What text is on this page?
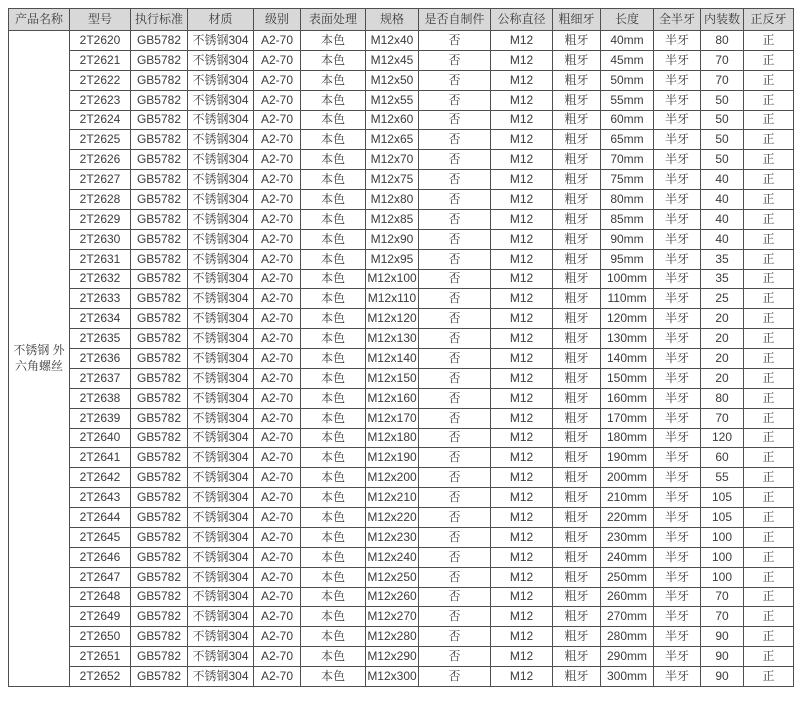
产品名称	型号	执行标准	材质	级别	表面处理	规格	是否自制件	公称直径	粗细牙	长度	全半牙	内装数	正反牙
不锈钢 外六角螺丝	2T2620	GB5782	不锈钢304	A2-70	本色	M12x40	否	M12	粗牙	40mm	半牙	80	正
	2T2621	GB5782	不锈钢304	A2-70	本色	M12x45	否	M12	粗牙	45mm	半牙	70	正
	2T2622	GB5782	不锈钢304	A2-70	本色	M12x50	否	M12	粗牙	50mm	半牙	70	正
	2T2623	GB5782	不锈钢304	A2-70	本色	M12x55	否	M12	粗牙	55mm	半牙	50	正
	2T2624	GB5782	不锈钢304	A2-70	本色	M12x60	否	M12	粗牙	60mm	半牙	50	正
	2T2625	GB5782	不锈钢304	A2-70	本色	M12x65	否	M12	粗牙	65mm	半牙	50	正
	2T2626	GB5782	不锈钢304	A2-70	本色	M12x70	否	M12	粗牙	70mm	半牙	50	正
	2T2627	GB5782	不锈钢304	A2-70	本色	M12x75	否	M12	粗牙	75mm	半牙	40	正
	2T2628	GB5782	不锈钢304	A2-70	本色	M12x80	否	M12	粗牙	80mm	半牙	40	正
	2T2629	GB5782	不锈钢304	A2-70	本色	M12x85	否	M12	粗牙	85mm	半牙	40	正
	2T2630	GB5782	不锈钢304	A2-70	本色	M12x90	否	M12	粗牙	90mm	半牙	40	正
	2T2631	GB5782	不锈钢304	A2-70	本色	M12x95	否	M12	粗牙	95mm	半牙	35	正
	2T2632	GB5782	不锈钢304	A2-70	本色	M12x100	否	M12	粗牙	100mm	半牙	35	正
	2T2633	GB5782	不锈钢304	A2-70	本色	M12x110	否	M12	粗牙	110mm	半牙	25	正
	2T2634	GB5782	不锈钢304	A2-70	本色	M12x120	否	M12	粗牙	120mm	半牙	20	正
	2T2635	GB5782	不锈钢304	A2-70	本色	M12x130	否	M12	粗牙	130mm	半牙	20	正
	2T2636	GB5782	不锈钢304	A2-70	本色	M12x140	否	M12	粗牙	140mm	半牙	20	正
	2T2637	GB5782	不锈钢304	A2-70	本色	M12x150	否	M12	粗牙	150mm	半牙	20	正
	2T2638	GB5782	不锈钢304	A2-70	本色	M12x160	否	M12	粗牙	160mm	半牙	80	正
	2T2639	GB5782	不锈钢304	A2-70	本色	M12x170	否	M12	粗牙	170mm	半牙	70	正
	2T2640	GB5782	不锈钢304	A2-70	本色	M12x180	否	M12	粗牙	180mm	半牙	120	正
	2T2641	GB5782	不锈钢304	A2-70	本色	M12x190	否	M12	粗牙	190mm	半牙	60	正
	2T2642	GB5782	不锈钢304	A2-70	本色	M12x200	否	M12	粗牙	200mm	半牙	55	正
	2T2643	GB5782	不锈钢304	A2-70	本色	M12x210	否	M12	粗牙	210mm	半牙	105	正
	2T2644	GB5782	不锈钢304	A2-70	本色	M12x220	否	M12	粗牙	220mm	半牙	105	正
	2T2645	GB5782	不锈钢304	A2-70	本色	M12x230	否	M12	粗牙	230mm	半牙	100	正
	2T2646	GB5782	不锈钢304	A2-70	本色	M12x240	否	M12	粗牙	240mm	半牙	100	正
	2T2647	GB5782	不锈钢304	A2-70	本色	M12x250	否	M12	粗牙	250mm	半牙	100	正
	2T2648	GB5782	不锈钢304	A2-70	本色	M12x260	否	M12	粗牙	260mm	半牙	70	正
	2T2649	GB5782	不锈钢304	A2-70	本色	M12x270	否	M12	粗牙	270mm	半牙	70	正
	2T2650	GB5782	不锈钢304	A2-70	本色	M12x280	否	M12	粗牙	280mm	半牙	90	正
	2T2651	GB5782	不锈钢304	A2-70	本色	M12x290	否	M12	粗牙	290mm	半牙	90	正
	2T2652	GB5782	不锈钢304	A2-70	本色	M12x300	否	M12	粗牙	300mm	半牙	90	正
